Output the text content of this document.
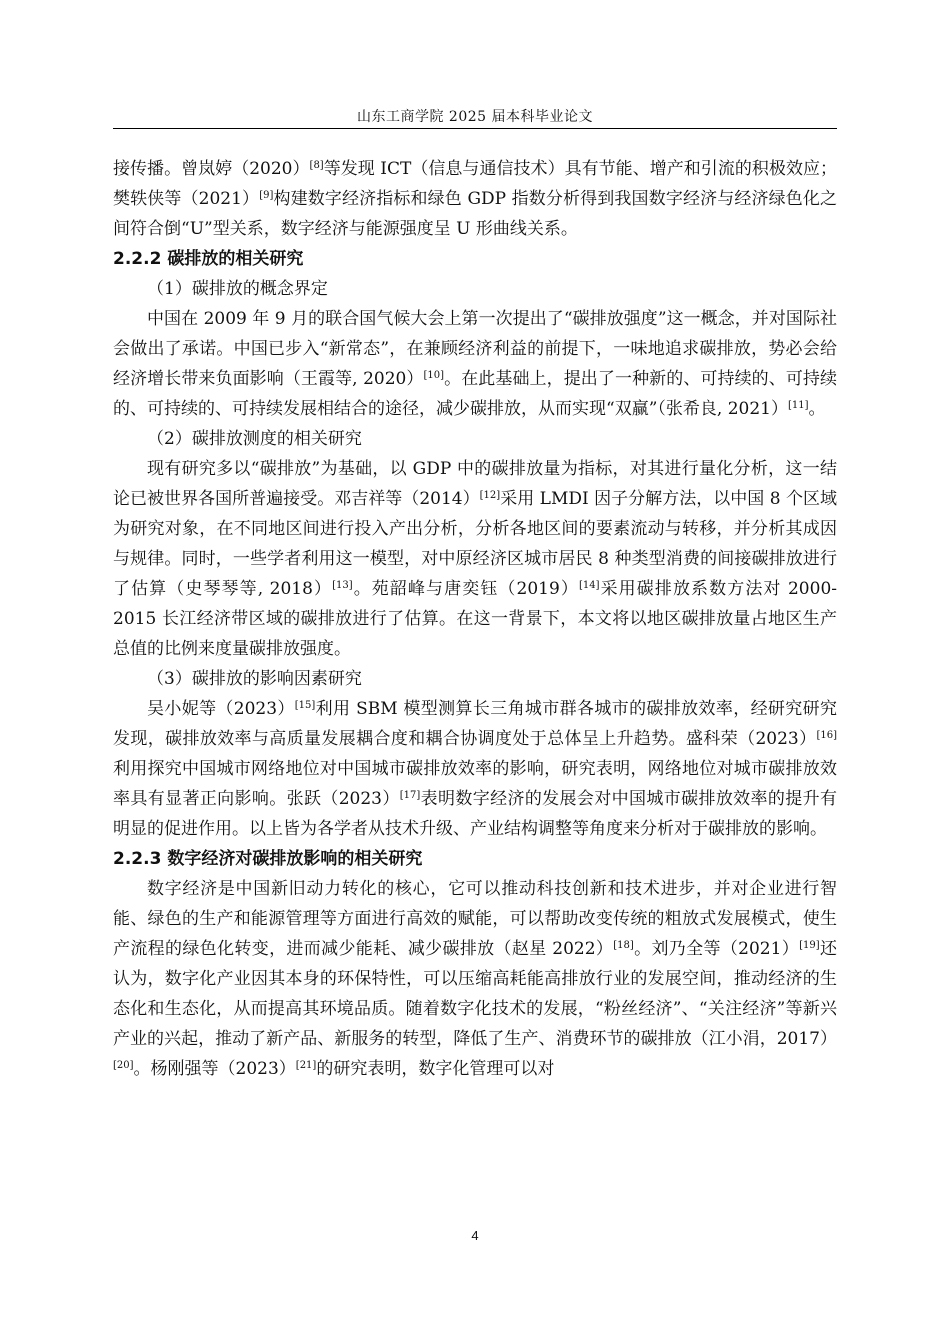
山东工商学院 2025 届本科毕业论文

接传播。曾岚婷（2020）[8]等发现 ICT（信息与通信技术）具有节能、增产和引流的积极效应；樊轶侠等（2021）[9]构建数字经济指标和绿色 GDP 指数分析得到我国数字经济与经济绿色化之间符合倒“U”型关系，数字经济与能源强度呈 U 形曲线关系。

2.2.2 碳排放的相关研究

（1）碳排放的概念界定

中国在 2009 年 9 月的联合国气候大会上第一次提出了“碳排放强度”这一概念，并对国际社会做出了承诺。中国已步入“新常态”，在兼顾经济利益的前提下，一味地追求碳排放，势必会给经济增长带来负面影响（王霞等, 2020）[10]。在此基础上，提出了一种新的、可持续的、可持续的、可持续的、可持续发展相结合的途径，减少碳排放，从而实现“双赢”（张希良, 2021）[11]。

（2）碳排放测度的相关研究

现有研究多以“碳排放”为基础，以 GDP 中的碳排放量为指标，对其进行量化分析，这一结论已被世界各国所普遍接受。邓吉祥等（2014）[12]采用 LMDI 因子分解方法，以中国 8 个区域为研究对象，在不同地区间进行投入产出分析，分析各地区间的要素流动与转移，并分析其成因与规律。同时，一些学者利用这一模型，对中原经济区城市居民 8 种类型消费的间接碳排放进行了估算（史琴琴等, 2018）[13]。苑韶峰与唐奕钰（2019）[14]采用碳排放系数方法对 2000-2015 长江经济带区域的碳排放进行了估算。在这一背景下，本文将以地区碳排放量占地区生产总值的比例来度量碳排放强度。

（3）碳排放的影响因素研究

吴小妮等（2023）[15]利用 SBM 模型测算长三角城市群各城市的碳排放效率，经研究研究发现，碳排放效率与高质量发展耦合度和耦合协调度处于总体呈上升趋势。盛科荣（2023）[16]利用探究中国城市网络地位对中国城市碳排放效率的影响，研究表明，网络地位对城市碳排放效率具有显著正向影响。张跃（2023）[17]表明数字经济的发展会对中国城市碳排放效率的提升有明显的促进作用。以上皆为各学者从技术升级、产业结构调整等角度来分析对于碳排放的影响。

2.2.3 数字经济对碳排放影响的相关研究

数字经济是中国新旧动力转化的核心，它可以推动科技创新和技术进步，并对企业进行智能、绿色的生产和能源管理等方面进行高效的赋能，可以帮助改变传统的粗放式发展模式，使生产流程的绿色化转变，进而减少能耗、减少碳排放（赵星 2022）[18]。刘乃全等（2021）[19]还认为，数字化产业因其本身的环保特性，可以压缩高耗能高排放行业的发展空间，推动经济的生态化和生态化，从而提高其环境品质。随着数字化技术的发展，“粉丝经济”、“关注经济”等新兴产业的兴起，推动了新产品、新服务的转型，降低了生产、消费环节的碳排放（江小涓，2017）[20]。杨刚强等（2023）[21]的研究表明，数字化管理可以对

4
